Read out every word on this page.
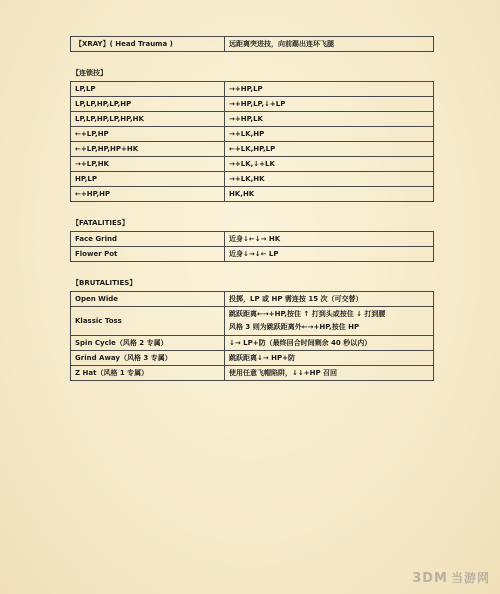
【XRAY】( Head Trauma )	远距离突进技，向前踢出连环飞腿
【连锁技】
LP,LP	→+HP,LP
LP,LP,HP,LP,HP	→+HP,LP,↓+LP
LP,LP,HP,LP,HP,HK	→+HP,LK
←+LP,HP	→+LK,HP
←+LP,HP,HP+HK	←+LK,HP,LP
→+LP,HK	→+LK,↓+LK
HP,LP	→+LK,HK
←+HP,HP	HK,HK
【FATALITIES】
Face Grind	近身↓←↓→ HK
Flower Pot	近身↓→↓← LP
【BRUTALITIES】
Open Wide	投掷，LP 或 HP 需连按 15 次（可交替）
Klassic Toss	跳跃距离←→+HP,按住 ↑ 打到头或按住 ↓ 打到腰
风格 3 则为跳跃距离外←→+HP,按住 HP

Spin Cycle（风格 2 专属）	↓→ LP+防（最终回合时间剩余 40 秒以内）
Grind Away（风格 3 专属）	跳跃距离↓→ HP+防
Z Hat（风格 1 专属）	使用任意飞帽陷阱，↓↓+HP 召回
3DM 当游网
